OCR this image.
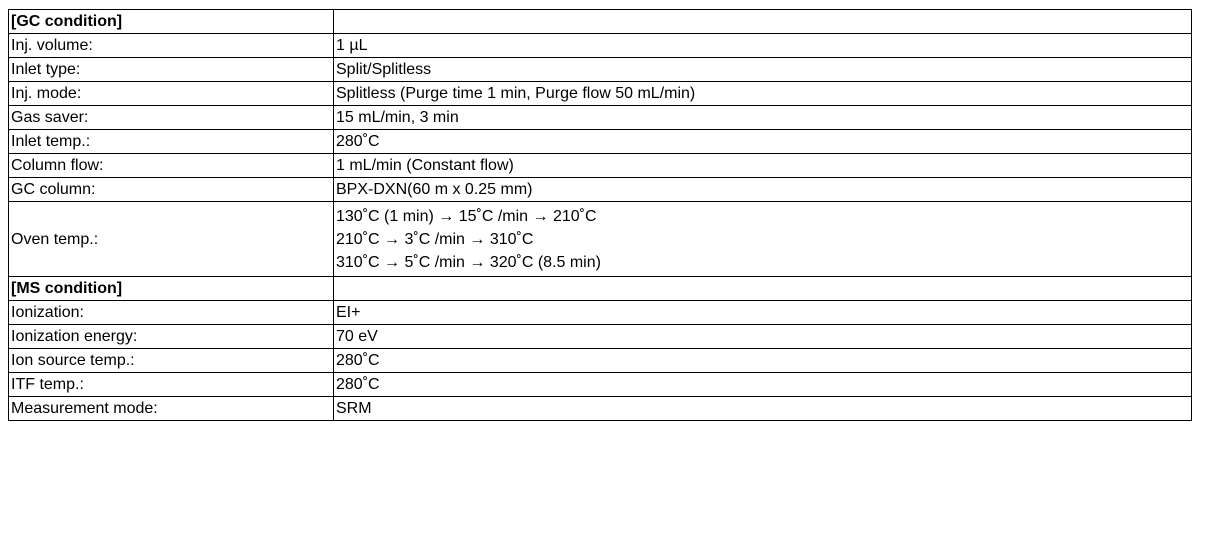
[GC condition]	
Inj. volume:	1 µL
Inlet type:	Split/Splitless
Inj. mode:	Splitless (Purge time 1 min, Purge flow 50 mL/min)
Gas saver:	15 mL/min, 3 min
Inlet temp.:	280˚C
Column flow:	1 mL/min (Constant flow)
GC column:	BPX-DXN(60 m x 0.25 mm)
Oven temp.:	130˚C (1 min) → 15˚C /min → 210˚C
210˚C → 3˚C /min → 310˚C
310˚C → 5˚C /min → 320˚C (8.5 min)

[MS condition]	
Ionization:	EI+
Ionization energy:	70 eV
Ion source temp.:	280˚C
ITF temp.:	280˚C
Measurement mode:	SRM
